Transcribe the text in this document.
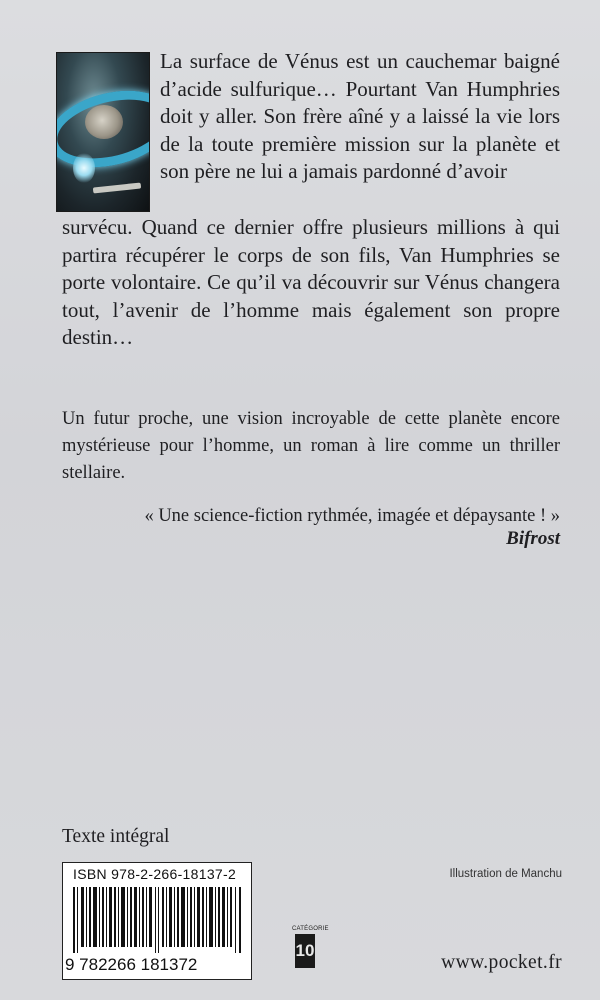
La surface de Vénus est un cauchemar baigné d’acide sulfurique… Pourtant Van Humphries doit y aller. Son frère aîné y a laissé la vie lors de la toute première mission sur la planète et son père ne lui a jamais pardonné d’avoir

survécu. Quand ce dernier offre plusieurs millions à qui partira récupérer le corps de son fils, Van Humphries se porte volontaire. Ce qu’il va découvrir sur Vénus changera tout, l’avenir de l’homme mais également son propre destin…

Un futur proche, une vision incroyable de cette planète encore mystérieuse pour l’homme, un roman à lire comme un thriller stellaire.

« Une science-fiction rythmée, imagée et dépaysante ! »

Bifrost

Texte intégral

ISBN 978-2-266-18137-2
9 782266 181372

Illustration de Manchu

CATÉGORIE
10

www.pocket.fr
